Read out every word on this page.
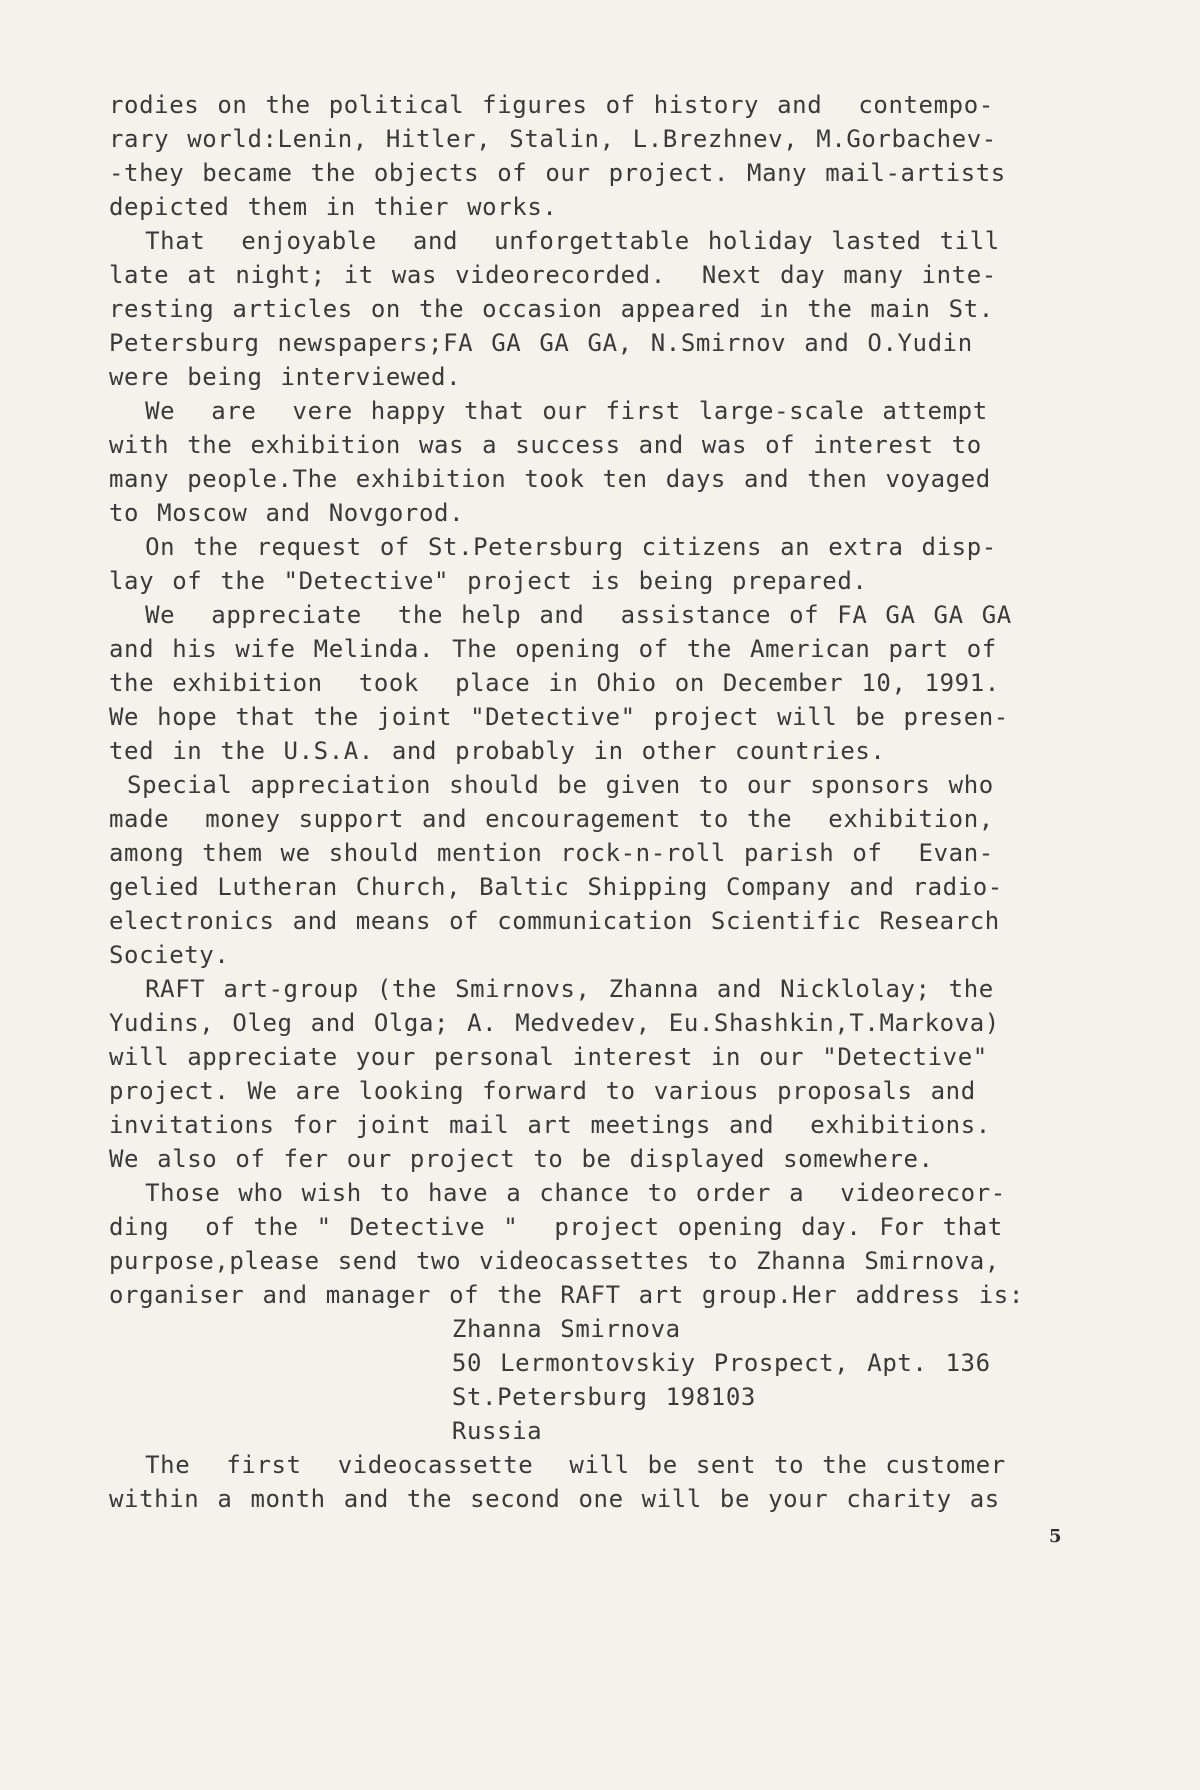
rodies on the political figures of history and  contempo-
rary world:Lenin, Hitler, Stalin, L.Brezhnev, M.Gorbachev-
-they became the objects of our project. Many mail-artists
depicted them in thier works.
That  enjoyable  and  unforgettable holiday lasted till
late at night; it was videorecorded.  Next day many inte-
resting articles on the occasion appeared in the main St.
Petersburg newspapers;FA GA GA GA, N.Smirnov and O.Yudin
were being interviewed.
We  are  vere happy that our first large-scale attempt
with the exhibition was a success and was of interest to
many people.The exhibition took ten days and then voyaged
to Moscow and Novgorod.
On the request of St.Petersburg citizens an extra disp-
lay of the "Detective" project is being prepared.
We  appreciate  the help and  assistance of FA GA GA GA
and his wife Melinda. The opening of the American part of
the exhibition  took  place in Ohio on December 10, 1991.
We hope that the joint "Detective" project will be presen-
ted in the U.S.A. and probably in other countries.
Special appreciation should be given to our sponsors who
made  money support and encouragement to the  exhibition,
among them we should mention rock-n-roll parish of  Evan-
gelied Lutheran Church, Baltic Shipping Company and radio-
electronics and means of communication Scientific Research
Society.
RAFT art-group (the Smirnovs, Zhanna and Nicklolay; the
Yudins, Oleg and Olga; A. Medvedev, Eu.Shashkin,T.Markova)
will appreciate your personal interest in our "Detective"
project. We are looking forward to various proposals and
invitations for joint mail art meetings and  exhibitions.
We also of fer our project to be displayed somewhere.
Those who wish to have a chance to order a  videorecor-
ding  of the " Detective "  project opening day. For that
purpose,please send two videocassettes to Zhanna Smirnova,
organiser and manager of the RAFT art group.Her address is:
Zhanna Smirnova
50 Lermontovskiy Prospect, Apt. 136
St.Petersburg 198103
Russia
The  first  videocassette  will be sent to the customer
within a month and the second one will be your charity as
5
